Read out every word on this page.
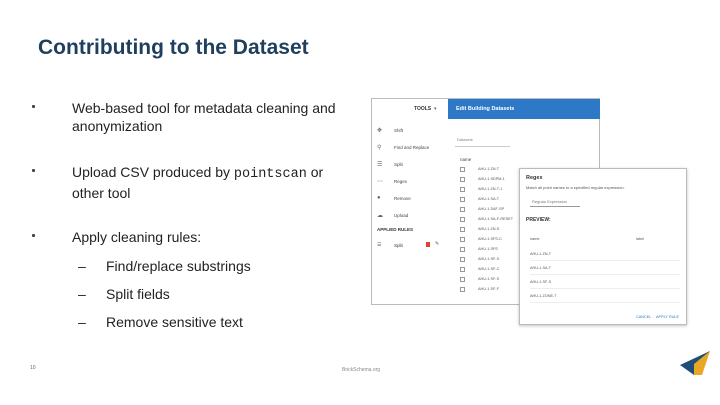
Contributing to the Dataset
Web-based tool for metadata cleaning and anonymization
Upload CSV produced by pointscan or other tool
Apply cleaning rules:
– Find/replace substrings
– Split fields
– Remove sensitive text
TOOLS ▾	Edit Building Datasets
✥	Shift
⚲	Find and Replace
☰	Split
⋯ Regex
●	Remove
☁ Upload
APPLIED RULES
☰	Split	✎
Datasets
name
AHU-1.ZN-T
AHU-1.SDPM-1
AHU-1.ZN-T-1
AHU-1.SA-T
AHU-1.SAF-SP
AHU-1.SA-F-RESET
AHU-1.ZN-S
AHU-1.SFS-C
AHU-1.SFS
AHU-1.SF-S
AHU-1.SF-C
AHU-1.SF-S
AHU-1.SF-F
Regex
Match all point names to a specified regular expression.
Regular Expression
PREVIEW:
name	label
AHU-1.ZN-T
AHU-1.SA-T
AHU-1.SF-S
AHU-1.ZONE-T
CANCEL APPLY RULE
10	BrickSchema.org
